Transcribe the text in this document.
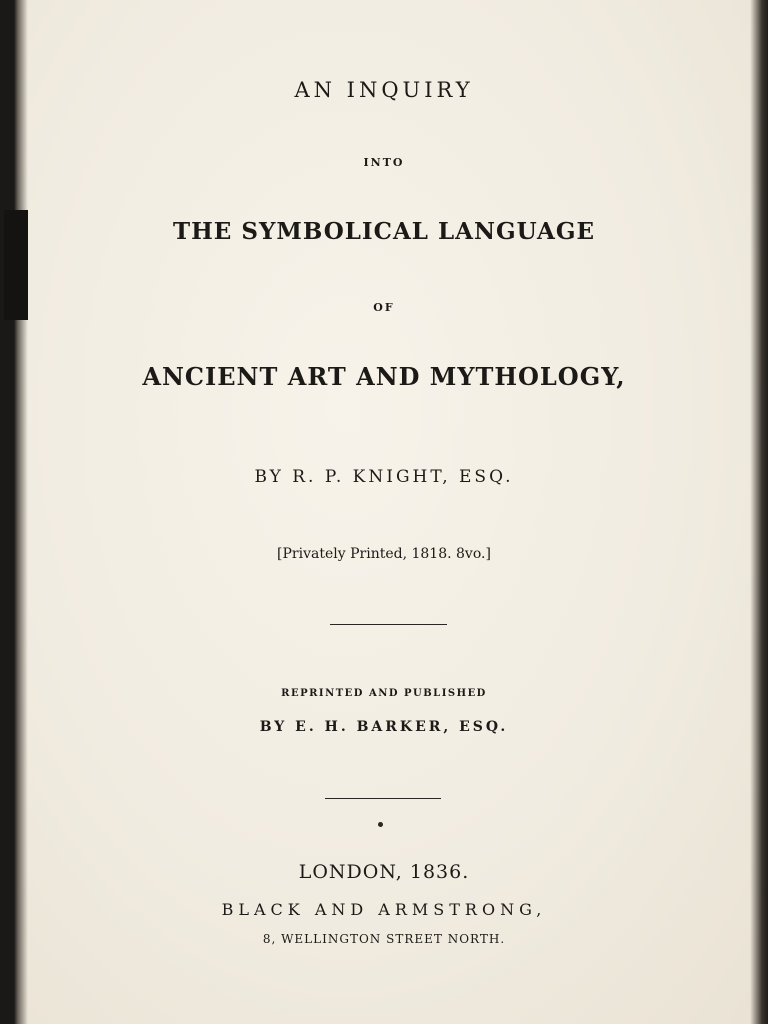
AN INQUIRY
INTO
THE SYMBOLICAL LANGUAGE
OF
ANCIENT ART AND MYTHOLOGY,
BY R. P. KNIGHT, ESQ.
[Privately Printed, 1818. 8vo.]
REPRINTED AND PUBLISHED
BY E. H. BARKER, ESQ.
LONDON, 1836.
BLACK AND ARMSTRONG,
8, WELLINGTON STREET NORTH.
